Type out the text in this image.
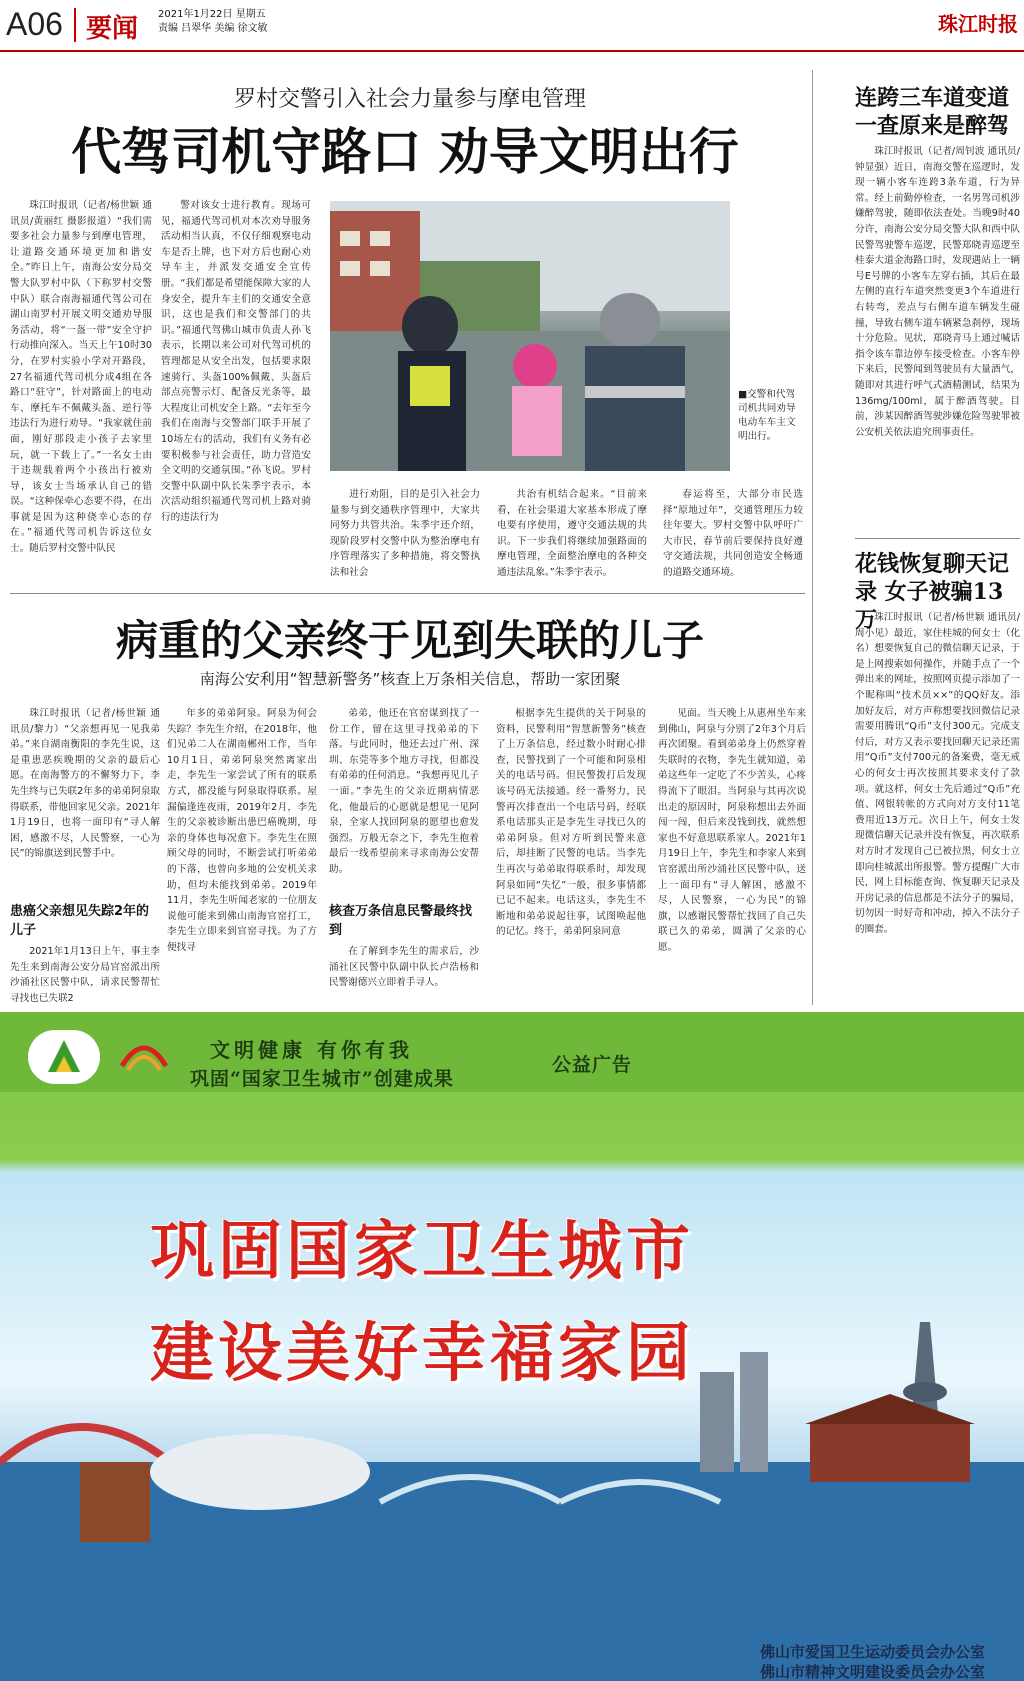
A06 要闻 2021年1月22日 星期五
责编 吕翠华 美编 徐文敏	珠江时报
罗村交警引入社会力量参与摩电管理
代驾司机守路口 劝导文明出行

珠江时报讯（记者/杨世颖 通讯员/黄丽红 摄影报道）“我们需要多社会力量参与到摩电管理，让道路交通环境更加和谐安全。”昨日上午，南海公安分局交警大队罗村中队（下称罗村交警中队）联合南海福通代驾公司在湖山南罗村开展文明交通劝导服务活动，将“一盔一带”安全守护行动推向深入。当天上午10时30分，在罗村实验小学对开路段，27名福通代驾司机分成4组在各路口“驻守”，针对路面上的电动车、摩托车不佩戴头盔、逆行等违法行为进行劝导。“我家就住前面，刚好那段走小孩子去家里玩，就一下载上了。”一名女士由于违规载着两个小孩出行被劝导，该女士当场承认自己的错误。“这种保牵心态要不得，在出事就是因为这种侥幸心态的存在。”福通代驾司机告诉这位女士。随后罗村交警中队民

警对该女士进行教育。现场可见，福通代驾司机对本次劝导服务活动相当认真，不仅仔细观察电动车是否上牌，也下对方后也耐心劝导车主，并派发交通安全宣传册。“我们都是希望能保障大家的人身安全，提升车主们的交通安全意识，这也是我们和交警部门的共识。”福通代驾佛山城市负责人孙飞表示，长期以来公司对代驾司机的管理都是从安全出发，包括要求限速骑行、头盔100%佩戴、头盔后部点亮警示灯、配备反光条等，最大程度让司机安全上路。“去年至今我们在南海与交警部门联手开展了10场左右的活动，我们有义务有必要积极参与社会责任，助力营造安全文明的交通氛围。”孙飞说。罗村交警中队副中队长朱季宇表示，本次活动组织福通代驾司机上路对骑行的违法行为

■交警和代驾司机共同劝导电动车车主文明出行。

进行劝阻，目的是引入社会力量参与到交通秩序管理中，大家共同努力共管共治。朱季宇还介绍，现阶段罗村交警中队为整治摩电有序管理落实了多种措施，将交警执法和社会

共治有机结合起来。“目前来看，在社会渠道大家基本形成了摩电要有序使用，遵守交通法规的共识。下一步我们将继续加强路面的摩电管理，全面整治摩电的各种交通违法乱象。”朱季宇表示。

春运将至，大部分市民选择“原地过年”，交通管理压力较往年要大。罗村交警中队呼吁广大市民，春节前后要保持良好遵守交通法规，共同创造安全畅通的道路交通环境。

连跨三车道变道 一查原来是醉驾

珠江时报讯（记者/周钊波 通讯员/钟显强）近日，南海交警在巡逻时，发现一辆小客车连跨3条车道，行为异常。经上前勤停检查，一名男驾司机涉嫌醉驾驶，随即依法查处。当晚9时40分许，南海公安分局交警大队和西中队民警驾驶警车巡逻，民警郑晓青巡逻至桂泰大道金海路口时，发现遇站上一辆号E号牌的小客车左穿右插，其后在最左侧的直行车道突然变更3个车道进行右转弯，差点与右侧车道车辆发生碰撞，导致右侧车道车辆紧急刹停，现场十分危险。见状，郑晓青马上通过喊话指令该车靠边停车接受检查。小客车停下来后，民警闻到驾驶员有大量酒气，随即对其进行呼气式酒精测试，结果为136mg/100ml，属于醉酒驾驶。目前，涉某因醉酒驾驶涉嫌危险驾驶罪被公安机关依法追究刑事责任。

花钱恢复聊天记录 女子被骗13万

珠江时报讯（记者/杨世颖 通讯员/周小见）最近，家住桂城的何女士（化名）想要恢复自己的微信聊天记录，于是上网搜索如何操作，并随手点了一个弹出来的网址，按照网页提示添加了一个昵称叫“技术员××”的QQ好友。添加好友后，对方声称想要找回微信记录需要用腾讯“Q币”支付300元。完成支付后，对方又表示要找回聊天记录还需用“Q币”支付700元的备案费，毫无戒心的何女士再次按照其要求支付了款项。就这样，何女士先后通过“Q币”充值、网银转帐的方式向对方支付11笔费用近13万元。次日上午，何女士发现微信聊天记录并没有恢复，再次联系对方时才发现自己已被拉黑，何女士立即向桂城派出所报警。警方提醒广大市民，网上目标能查询、恢复聊天记录及开房记录的信息都是不法分子的骗局，切勿因一时好奇和冲动，掉入不法分子的圈套。

病重的父亲终于见到失联的儿子
南海公安利用“智慧新警务”核查上万条相关信息，帮助一家团聚

珠江时报讯（记者/杨世颖 通讯员/黎力）“父亲想再见一见我弟弟。”来自湖南衡阳的李先生说，这是重患恶疾晚期的父亲的最后心愿。在南海警方的不懈努力下，李先生终与已失联2年多的弟弟阿泉取得联系，带他回家见父亲。2021年1月19日，也将一面印有“寻人解困，感激不尽，人民警察，一心为民”的锦旗送到民警手中。

患癌父亲想见失踪2年的儿子

2021年1月13日上午，事主李先生来到南海公安分局官窑派出所沙涌社区民警中队，请求民警帮忙寻找也已失联2

年多的弟弟阿泉。阿泉为何会失踪？李先生介绍，在2018年，他们兄弟二人在湖南郴州工作，当年10月1日，弟弟阿泉突然离家出走，李先生一家尝试了所有的联系方式，都没能与阿泉取得联系。屋漏偏逢连夜雨，2019年2月，李先生的父亲被诊断出患巴癌晚期，母亲的身体也每况愈下。李先生在照顾父母的同时，不断尝试打听弟弟的下落，也曾向多地的公安机关求助，但均未能找到弟弟。2019年11月，李先生听闻老家的一位朋友说他可能来到佛山南海官窑打工，李先生立即来到官窑寻找。为了方便找寻

弟弟，他还在官窑谋到找了一份工作，留在这里寻找弟弟的下落。与此同时，他还去过广州、深圳、东莞等多个地方寻找，但都没有弟弟的任何消息。“我想再见儿子一面。”李先生的父亲近期病情恶化，他最后的心愿就是想见一见阿泉，全家人找回阿泉的愿望也愈发强烈。万般无奈之下，李先生抱着最后一线希望前来寻求南海公安帮助。

核查万条信息民警最终找到

在了解到李先生的需求后，沙涌社区民警中队副中队长卢浩杨和民警谢德兴立即着手寻人。

根据李先生提供的关于阿泉的资料，民警利用“智慧新警务”核查了上万条信息，经过数小时耐心排查，民警找到了一个可能和阿泉相关的电话号码。但民警拨打后发现该号码无法接通。经一番努力，民警再次排查出一个电话号码，经联系电话那头正是李先生寻找已久的弟弟阿泉。但对方听到民警来意后，却挂断了民警的电话。当李先生再次与弟弟取得联系时，却发现阿泉如同“失忆”一般，很多事情都已记不起来。电话这头，李先生不断地和弟弟说起往事，试图唤起他的记忆。终于，弟弟阿泉同意

见面。当天晚上从惠州坐车来到佛山，阿泉与分别了2年3个月后再次团聚。看到弟弟身上仍然穿着失联时的衣物，李先生就知道，弟弟这些年一定吃了不少苦头，心疼得流下了眼泪。当阿泉与其再次说出走的原因时，阿泉称想出去外面闯一闯，但后来没钱到找，就然想家也不好意思联系家人。2021年1月19日上午，李先生和李家人来到官窑派出所沙涌社区民警中队，送上一面印有“寻人解困，感激不尽，人民警察，一心为民”的锦旗，以感谢民警帮忙找回了自己失联已久的弟弟，圆满了父亲的心愿。

文明健康 有你有我
巩固“国家卫生城市”创建成果
公益广告
巩固国家卫生城市
建设美好幸福家园
佛山市爱国卫生运动委员会办公室
佛山市精神文明建设委员会办公室
